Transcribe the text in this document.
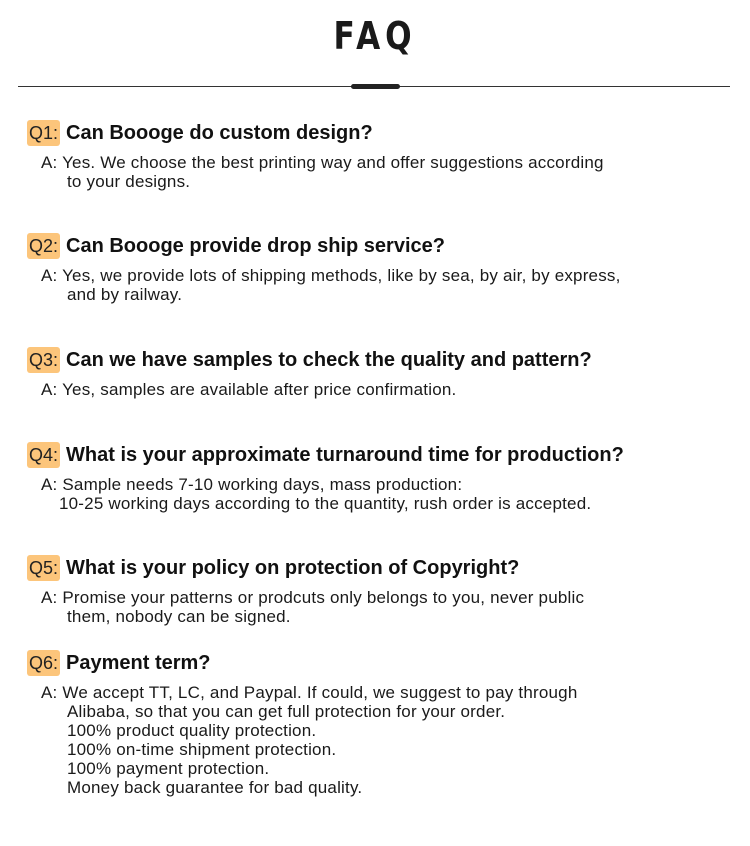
FAQ
Q1: Can Boooge do custom design?
A: Yes. We choose the best printing way and offer suggestions according
to your designs.
Q2: Can Boooge provide drop ship service?
A: Yes, we provide lots of shipping methods, like by sea, by air, by express,
and by railway.
Q3: Can we have samples to check the quality and pattern?
A: Yes, samples are available after price confirmation.
Q4: What is your approximate turnaround time for production?
A: Sample needs 7-10 working days, mass production:
10-25 working days according to the quantity, rush order is accepted.
Q5: What is your policy on protection of Copyright?
A: Promise your patterns or prodcuts only belongs to you, never public
them, nobody can be signed.
Q6: Payment term?
A: We accept TT, LC, and Paypal. If could, we suggest to pay through
Alibaba, so that you can get full protection for your order.
100% product quality protection.
100% on-time shipment protection.
100% payment protection.
Money back guarantee for bad quality.
